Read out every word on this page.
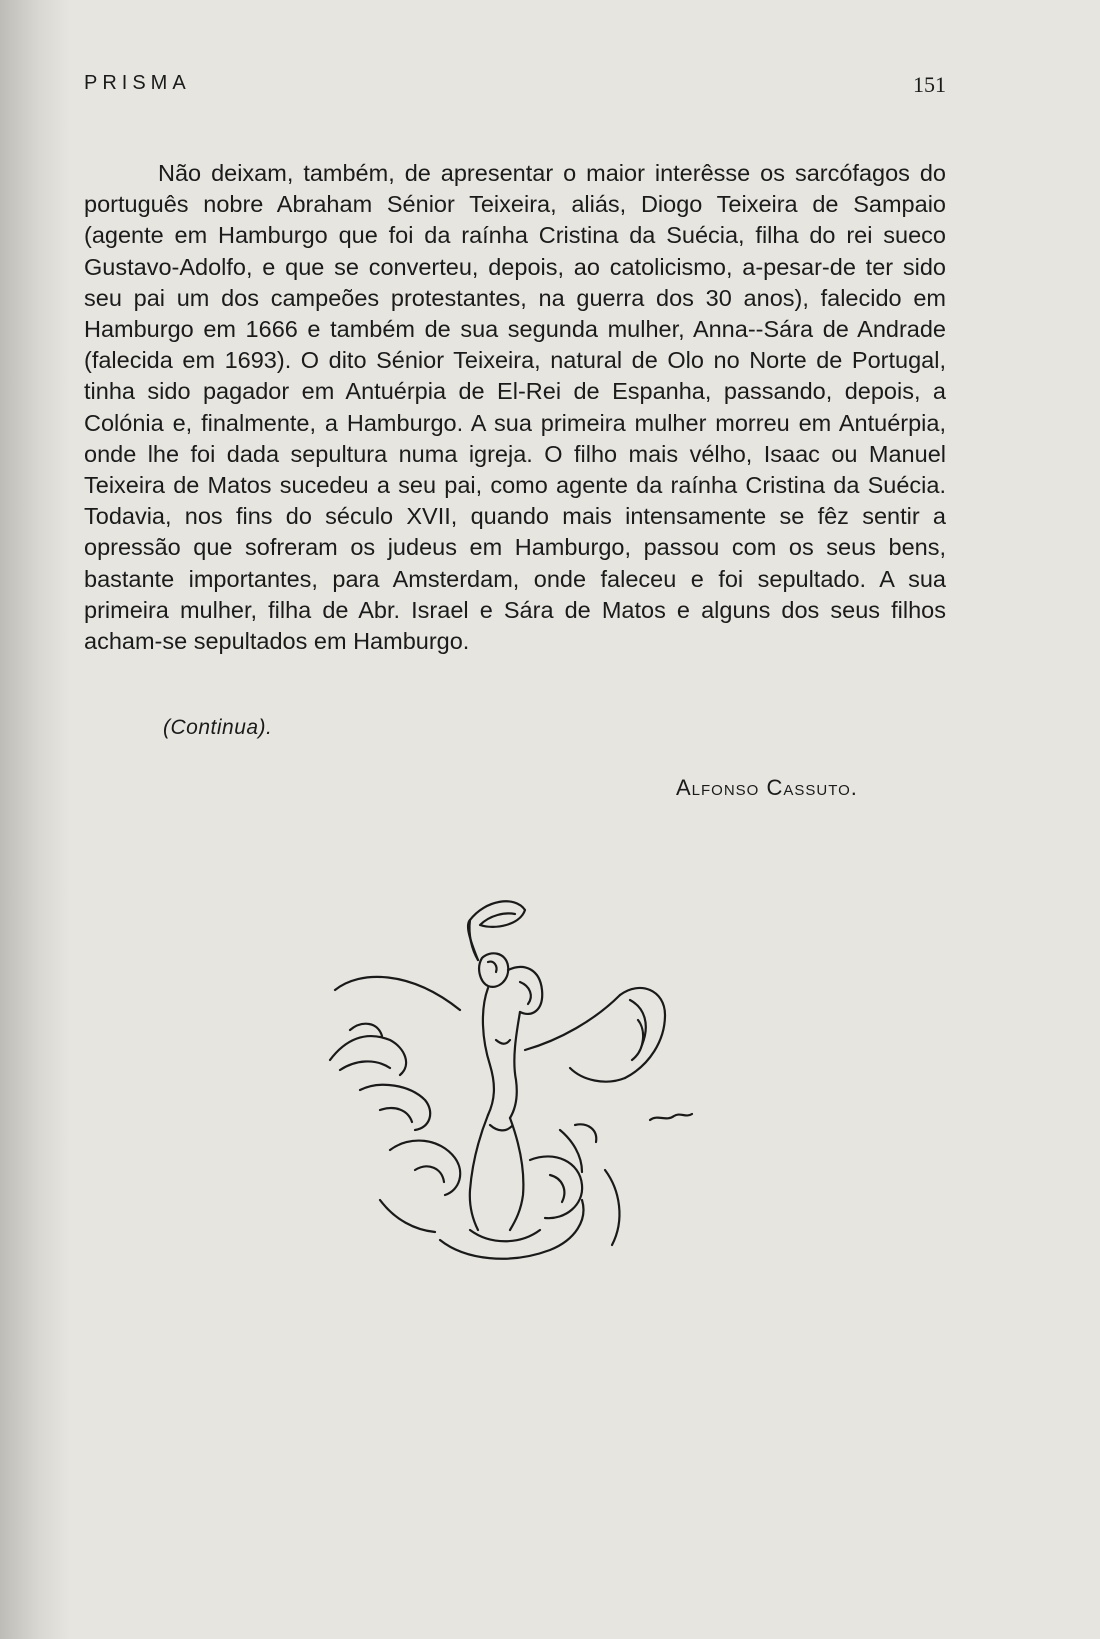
PRISMA	151

Não deixam, também, de apresentar o maior interêsse os sarcófagos do português nobre Abraham Sénior Teixeira, aliás, Diogo Teixeira de Sampaio (agente em Hamburgo que foi da raínha Cristina da Suécia, filha do rei sueco Gustavo-Adolfo, e que se converteu, depois, ao catolicismo, a-pesar-de ter sido seu pai um dos campeões protestantes, na guerra dos 30 anos), falecido em Hamburgo em 1666 e também de sua segunda mulher, Anna--Sára de Andrade (falecida em 1693). O dito Sénior Teixeira, natural de Olo no Norte de Portugal, tinha sido pagador em Antuérpia de El-Rei de Espanha, passando, depois, a Colónia e, finalmente, a Hamburgo. A sua primeira mulher morreu em Antuérpia, onde lhe foi dada sepultura numa igreja. O filho mais vélho, Isaac ou Manuel Teixeira de Matos sucedeu a seu pai, como agente da raínha Cristina da Suécia. Todavia, nos fins do século XVII, quando mais intensamente se fêz sentir a opressão que sofreram os judeus em Hamburgo, passou com os seus bens, bastante importantes, para Amsterdam, onde faleceu e foi sepultado. A sua primeira mulher, filha de Abr. Israel e Sára de Matos e alguns dos seus filhos acham-se sepultados em Hamburgo.

(Continua).
Alfonso Cassuto.
